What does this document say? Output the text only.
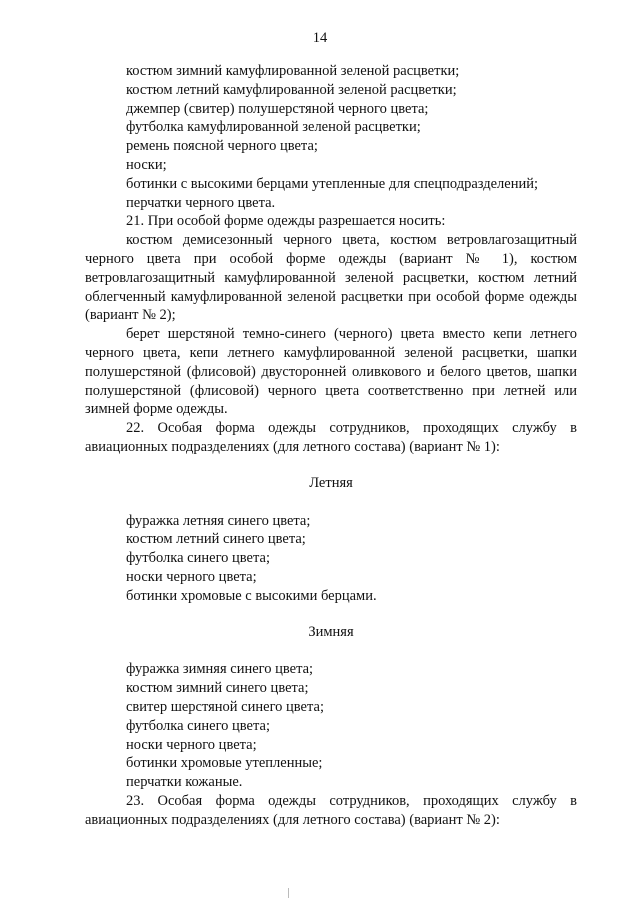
14

костюм зимний камуфлированной зеленой расцветки;

костюм летний камуфлированной зеленой расцветки;

джемпер (свитер) полушерстяной черного цвета;

футболка камуфлированной зеленой расцветки;

ремень поясной черного цвета;

носки;

ботинки с высокими берцами утепленные для спецподразделений;

перчатки черного цвета.

21. При особой форме одежды разрешается носить:

костюм демисезонный черного цвета, костюм ветровлагозащитный черного цвета при особой форме одежды (вариант № 1), костюм ветровлагозащитный камуфлированной зеленой расцветки, костюм летний облегченный камуфлированной зеленой расцветки при особой форме одежды (вариант № 2);

берет шерстяной темно-синего (черного) цвета вместо кепи летнего черного цвета, кепи летнего камуфлированной зеленой расцветки, шапки полушерстяной (флисовой) двусторонней оливкового и белого цветов, шапки полушерстяной (флисовой) черного цвета соответственно при летней или зимней форме одежды.

22. Особая форма одежды сотрудников, проходящих службу в авиационных подразделениях (для летного состава) (вариант № 1):

Летняя

фуражка летняя синего цвета;

костюм летний синего цвета;

футболка синего цвета;

носки черного цвета;

ботинки хромовые с высокими берцами.

Зимняя

фуражка зимняя синего цвета;

костюм зимний синего цвета;

свитер шерстяной синего цвета;

футболка синего цвета;

носки черного цвета;

ботинки хромовые утепленные;

перчатки кожаные.

23. Особая форма одежды сотрудников, проходящих службу в авиационных подразделениях (для летного состава) (вариант № 2):
